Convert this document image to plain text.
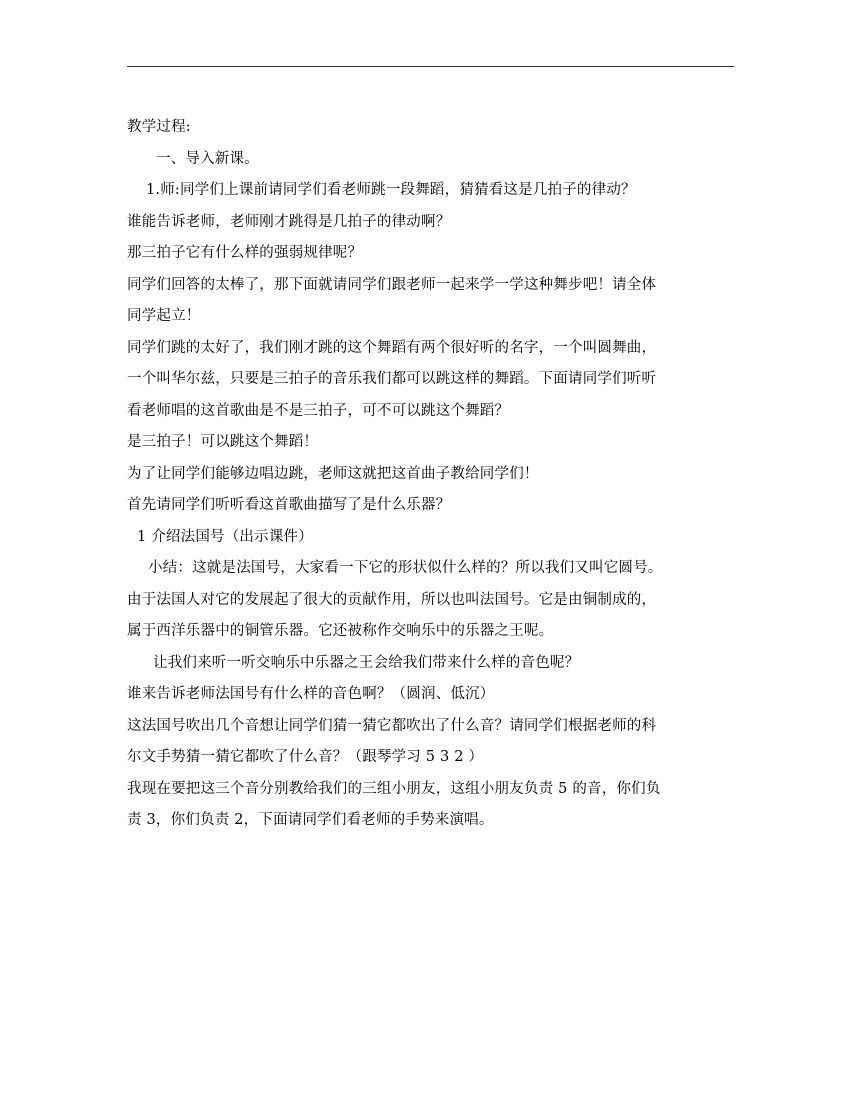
教学过程:
一、导入新课。
1.师:同学们上课前请同学们看老师跳一段舞蹈，猜猜看这是几拍子的律动？
谁能告诉老师，老师刚才跳得是几拍子的律动啊？
那三拍子它有什么样的强弱规律呢？
同学们回答的太棒了，那下面就请同学们跟老师一起来学一学这种舞步吧！请全体
同学起立！
同学们跳的太好了，我们刚才跳的这个舞蹈有两个很好听的名字，一个叫圆舞曲，
一个叫华尔兹，只要是三拍子的音乐我们都可以跳这样的舞蹈。下面请同学们听听
看老师唱的这首歌曲是不是三拍子，可不可以跳这个舞蹈？
是三拍子！可以跳这个舞蹈！
为了让同学们能够边唱边跳，老师这就把这首曲子教给同学们！
首先请同学们听听看这首歌曲描写了是什么乐器？
1 介绍法国号（出示课件）
小结：这就是法国号，大家看一下它的形状似什么样的？所以我们又叫它圆号。
由于法国人对它的发展起了很大的贡献作用，所以也叫法国号。它是由铜制成的，
属于西洋乐器中的铜管乐器。它还被称作交响乐中的乐器之王呢。
让我们来听一听交响乐中乐器之王会给我们带来什么样的音色呢？
谁来告诉老师法国号有什么样的音色啊？（圆润、低沉）
这法国号吹出几个音想让同学们猜一猜它都吹出了什么音？请同学们根据老师的科
尔文手势猜一猜它都吹了什么音？（跟琴学习 5 3 2 ）
我现在要把这三个音分别教给我们的三组小朋友，这组小朋友负责 5 的音，你们负
责 3，你们负责 2，下面请同学们看老师的手势来演唱。
